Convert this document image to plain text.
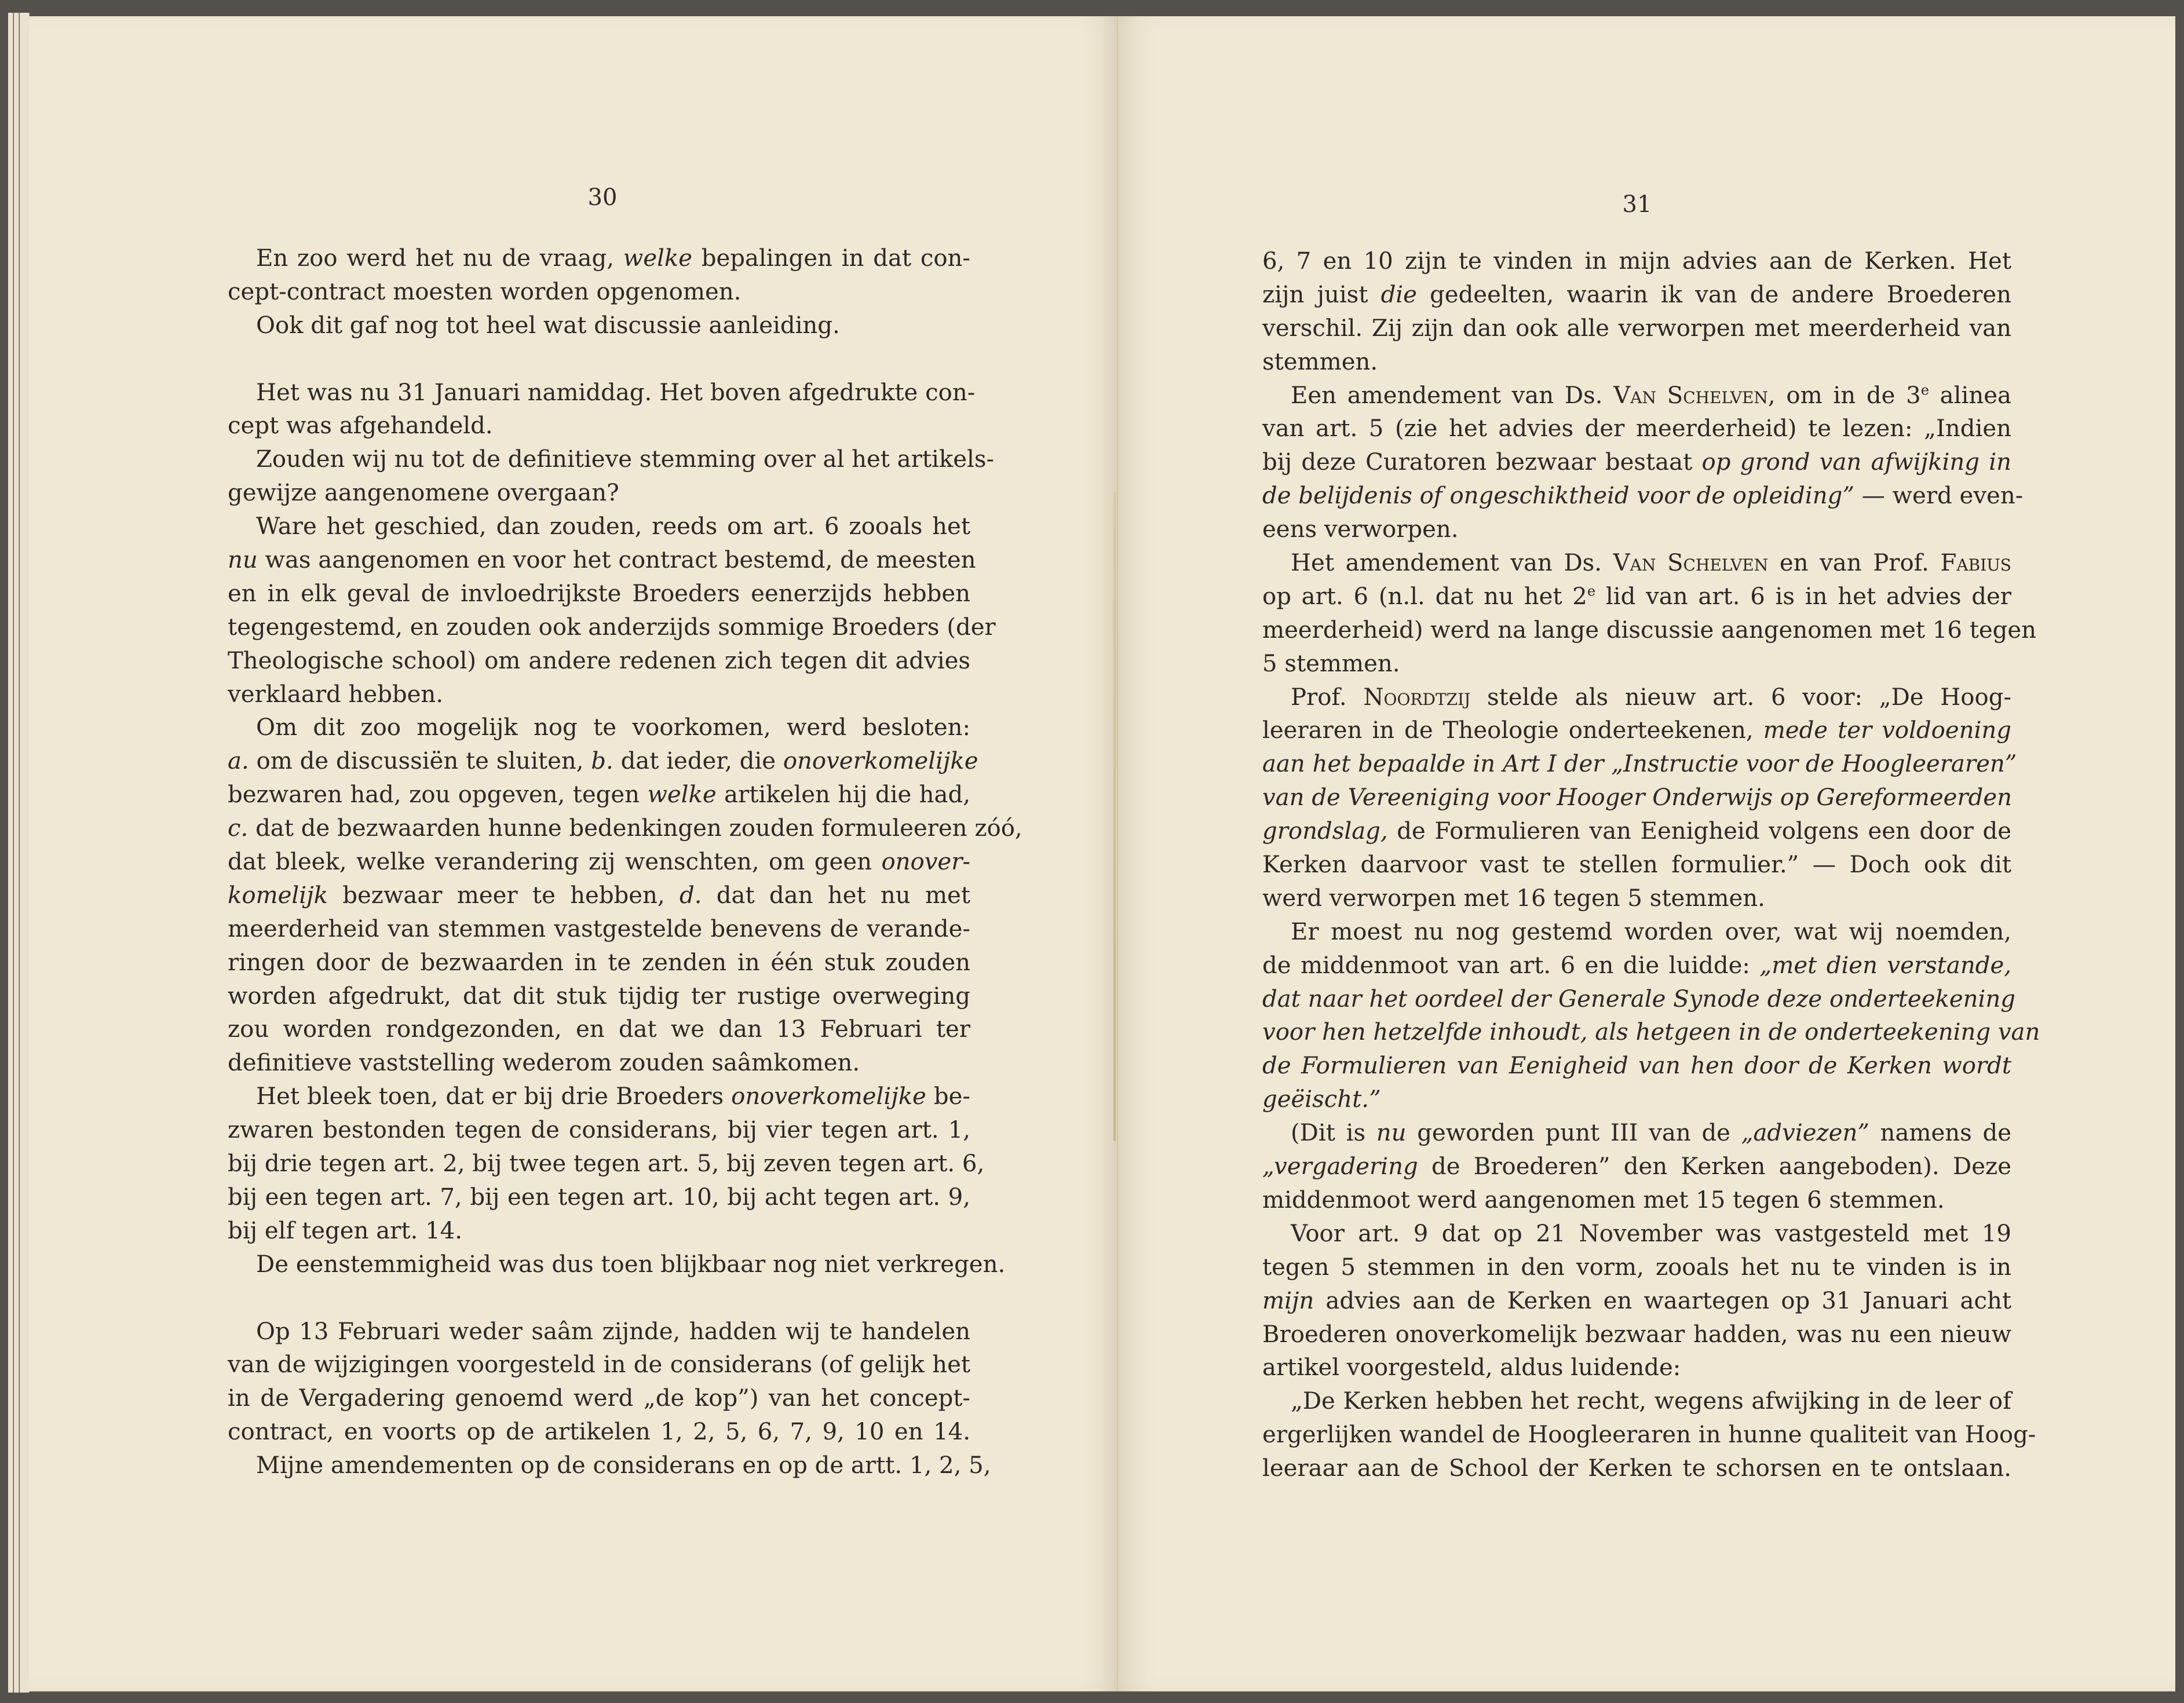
30	31
En zoo werd het nu de vraag, welke bepalingen in dat con-
cept-contract moesten worden opgenomen.
Ook dit gaf nog tot heel wat discussie aanleiding.
Het was nu 31 Januari namiddag. Het boven afgedrukte con-
cept was afgehandeld.
Zouden wij nu tot de definitieve stemming over al het artikels-
gewijze aangenomene overgaan?
Ware het geschied, dan zouden, reeds om art. 6 zooals het
nu was aangenomen en voor het contract bestemd, de meesten
en in elk geval de invloedrijkste Broeders eenerzijds hebben
tegengestemd, en zouden ook anderzijds sommige Broeders (der
Theologische school) om andere redenen zich tegen dit advies
verklaard hebben.
Om dit zoo mogelijk nog te voorkomen, werd besloten:
a. om de discussiën te sluiten, b. dat ieder, die onoverkomelijke
bezwaren had, zou opgeven, tegen welke artikelen hij die had,
c. dat de bezwaarden hunne bedenkingen zouden formuleeren zóó,
dat bleek, welke verandering zij wenschten, om geen onover-
komelijk bezwaar meer te hebben, d. dat dan het nu met
meerderheid van stemmen vastgestelde benevens de verande-
ringen door de bezwaarden in te zenden in één stuk zouden
worden afgedrukt, dat dit stuk tijdig ter rustige overweging
zou worden rondgezonden, en dat we dan 13 Februari ter
definitieve vaststelling wederom zouden saâmkomen.
Het bleek toen, dat er bij drie Broeders onoverkomelijke be-
zwaren bestonden tegen de considerans, bij vier tegen art. 1,
bij drie tegen art. 2, bij twee tegen art. 5, bij zeven tegen art. 6,
bij een tegen art. 7, bij een tegen art. 10, bij acht tegen art. 9,
bij elf tegen art. 14.
De eenstemmigheid was dus toen blijkbaar nog niet verkregen.
Op 13 Februari weder saâm zijnde, hadden wij te handelen
van de wijzigingen voorgesteld in de considerans (of gelijk het
in de Vergadering genoemd werd „de kop”) van het concept-
contract, en voorts op de artikelen 1, 2, 5, 6, 7, 9, 10 en 14.
Mijne amendementen op de considerans en op de artt. 1, 2, 5,
6, 7 en 10 zijn te vinden in mijn advies aan de Kerken. Het
zijn juist die gedeelten, waarin ik van de andere Broederen
verschil. Zij zijn dan ook alle verworpen met meerderheid van
stemmen.
Een amendement van Ds. Van Schelven, om in de 3e alinea
van art. 5 (zie het advies der meerderheid) te lezen: „Indien
bij deze Curatoren bezwaar bestaat op grond van afwijking in
de belijdenis of ongeschiktheid voor de opleiding” — werd even-
eens verworpen.
Het amendement van Ds. Van Schelven en van Prof. Fabius
op art. 6 (n.l. dat nu het 2e lid van art. 6 is in het advies der
meerderheid) werd na lange discussie aangenomen met 16 tegen
5 stemmen.
Prof. Noordtzij stelde als nieuw art. 6 voor: „De Hoog-
leeraren in de Theologie onderteekenen, mede ter voldoening
aan het bepaalde in Art I der „Instructie voor de Hoogleeraren”
van de Vereeniging voor Hooger Onderwijs op Gereformeerden
grondslag, de Formulieren van Eenigheid volgens een door de
Kerken daarvoor vast te stellen formulier.” — Doch ook dit
werd verworpen met 16 tegen 5 stemmen.
Er moest nu nog gestemd worden over, wat wij noemden,
de middenmoot van art. 6 en die luidde: „met dien verstande,
dat naar het oordeel der Generale Synode deze onderteekening
voor hen hetzelfde inhoudt, als hetgeen in de onderteekening van
de Formulieren van Eenigheid van hen door de Kerken wordt
geëischt.”
(Dit is nu geworden punt III van de „adviezen” namens de
„vergadering de Broederen” den Kerken aangeboden). Deze
middenmoot werd aangenomen met 15 tegen 6 stemmen.
Voor art. 9 dat op 21 November was vastgesteld met 19
tegen 5 stemmen in den vorm, zooals het nu te vinden is in
mijn advies aan de Kerken en waartegen op 31 Januari acht
Broederen onoverkomelijk bezwaar hadden, was nu een nieuw
artikel voorgesteld, aldus luidende:
„De Kerken hebben het recht, wegens afwijking in de leer of
ergerlijken wandel de Hoogleeraren in hunne qualiteit van Hoog-
leeraar aan de School der Kerken te schorsen en te ontslaan.
